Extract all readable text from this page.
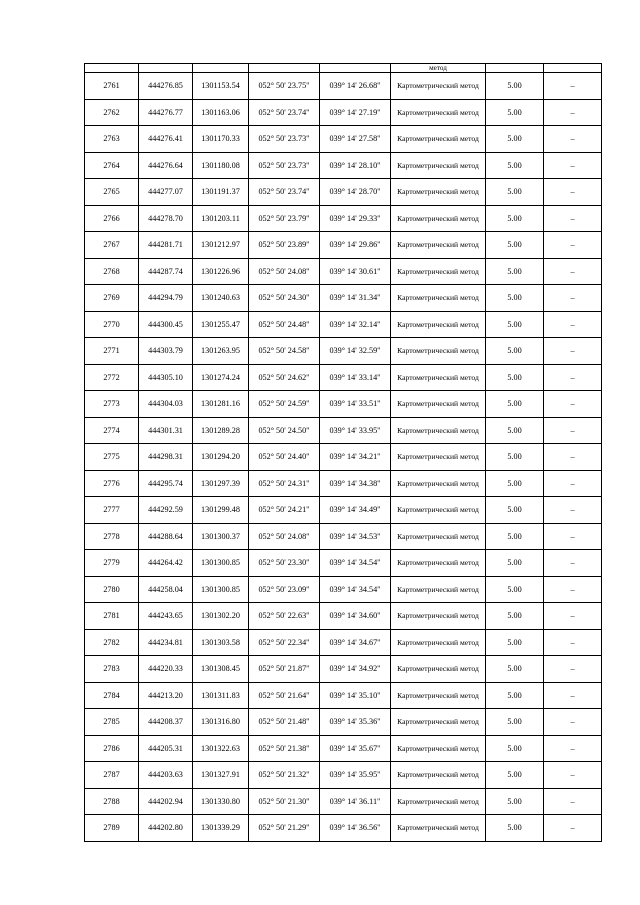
					метод		
2761	444276.85	1301153.54	052° 50' 23.75"	039° 14' 26.68"	Картометрический метод	5.00	–
2762	444276.77	1301163.06	052° 50' 23.74"	039° 14' 27.19"	Картометрический метод	5.00	–
2763	444276.41	1301170.33	052° 50' 23.73"	039° 14' 27.58"	Картометрический метод	5.00	–
2764	444276.64	1301180.08	052° 50' 23.73"	039° 14' 28.10"	Картометрический метод	5.00	–
2765	444277.07	1301191.37	052° 50' 23.74"	039° 14' 28.70"	Картометрический метод	5.00	–
2766	444278.70	1301203.11	052° 50' 23.79"	039° 14' 29.33"	Картометрический метод	5.00	–
2767	444281.71	1301212.97	052° 50' 23.89"	039° 14' 29.86"	Картометрический метод	5.00	–
2768	444287.74	1301226.96	052° 50' 24.08"	039° 14' 30.61"	Картометрический метод	5.00	–
2769	444294.79	1301240.63	052° 50' 24.30"	039° 14' 31.34"	Картометрический метод	5.00	–
2770	444300.45	1301255.47	052° 50' 24.48"	039° 14' 32.14"	Картометрический метод	5.00	–
2771	444303.79	1301263.95	052° 50' 24.58"	039° 14' 32.59"	Картометрический метод	5.00	–
2772	444305.10	1301274.24	052° 50' 24.62"	039° 14' 33.14"	Картометрический метод	5.00	–
2773	444304.03	1301281.16	052° 50' 24.59"	039° 14' 33.51"	Картометрический метод	5.00	–
2774	444301.31	1301289.28	052° 50' 24.50"	039° 14' 33.95"	Картометрический метод	5.00	–
2775	444298.31	1301294.20	052° 50' 24.40"	039° 14' 34.21"	Картометрический метод	5.00	–
2776	444295.74	1301297.39	052° 50' 24.31"	039° 14' 34.38"	Картометрический метод	5.00	–
2777	444292.59	1301299.48	052° 50' 24.21"	039° 14' 34.49"	Картометрический метод	5.00	–
2778	444288.64	1301300.37	052° 50' 24.08"	039° 14' 34.53"	Картометрический метод	5.00	–
2779	444264.42	1301300.85	052° 50' 23.30"	039° 14' 34.54"	Картометрический метод	5.00	–
2780	444258.04	1301300.85	052° 50' 23.09"	039° 14' 34.54"	Картометрический метод	5.00	–
2781	444243.65	1301302.20	052° 50' 22.63"	039° 14' 34.60"	Картометрический метод	5.00	–
2782	444234.81	1301303.58	052° 50' 22.34"	039° 14' 34.67"	Картометрический метод	5.00	–
2783	444220.33	1301308.45	052° 50' 21.87"	039° 14' 34.92"	Картометрический метод	5.00	–
2784	444213.20	1301311.83	052° 50' 21.64"	039° 14' 35.10"	Картометрический метод	5.00	–
2785	444208.37	1301316.80	052° 50' 21.48"	039° 14' 35.36"	Картометрический метод	5.00	–
2786	444205.31	1301322.63	052° 50' 21.38"	039° 14' 35.67"	Картометрический метод	5.00	–
2787	444203.63	1301327.91	052° 50' 21.32"	039° 14' 35.95"	Картометрический метод	5.00	–
2788	444202.94	1301330.80	052° 50' 21.30"	039° 14' 36.11"	Картометрический метод	5.00	–
2789	444202.80	1301339.29	052° 50' 21.29"	039° 14' 36.56"	Картометрический метод	5.00	–
